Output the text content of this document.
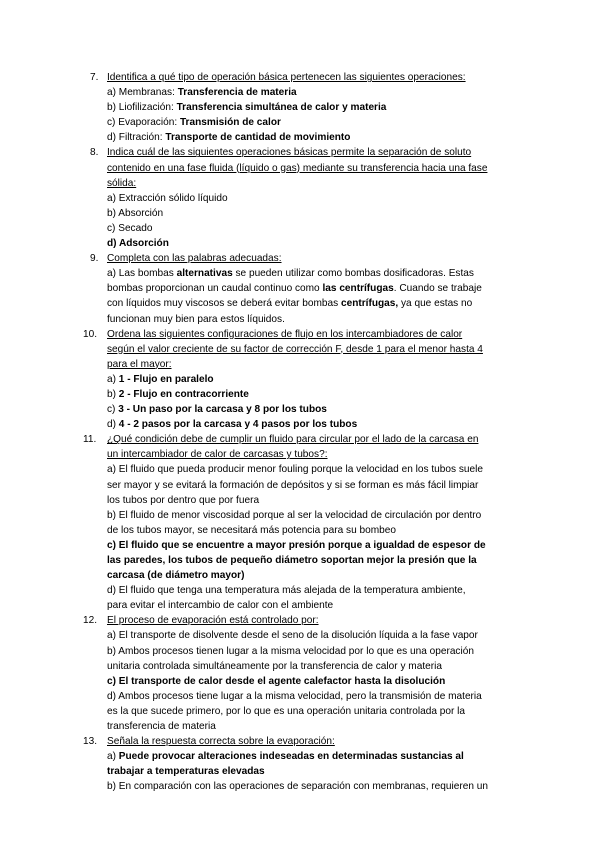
7. Identifica a qué tipo de operación básica pertenecen las siguientes operaciones:
a) Membranas: Transferencia de materia
b) Liofilización: Transferencia simultánea de calor y materia
c) Evaporación: Transmisión de calor
d) Filtración: Transporte de cantidad de movimiento
8. Indica cuál de las siguientes operaciones básicas permite la separación de soluto
contenido en una fase fluida (líquido o gas) mediante su transferencia hacia una fase
sólida:
a) Extracción sólido líquido
b) Absorción
c) Secado
d) Adsorción
9. Completa con las palabras adecuadas:
a) Las bombas alternativas se pueden utilizar como bombas dosificadoras. Estas
bombas proporcionan un caudal continuo como las centrífugas. Cuando se trabaje
con líquidos muy viscosos se deberá evitar bombas centrífugas, ya que estas no
funcionan muy bien para estos líquidos.
10. Ordena las siguientes configuraciones de flujo en los intercambiadores de calor
según el valor creciente de su factor de corrección F, desde 1 para el menor hasta 4
para el mayor:
a) 1 - Flujo en paralelo
b) 2 - Flujo en contracorriente
c) 3 - Un paso por la carcasa y 8 por los tubos
d) 4 - 2 pasos por la carcasa y 4 pasos por los tubos
11. ¿Qué condición debe de cumplir un fluido para circular por el lado de la carcasa en
un intercambiador de calor de carcasas y tubos?:
a) El fluido que pueda producir menor fouling porque la velocidad en los tubos suele
ser mayor y se evitará la formación de depósitos y si se forman es más fácil limpiar
los tubos por dentro que por fuera
b) El fluido de menor viscosidad porque al ser la velocidad de circulación por dentro
de los tubos mayor, se necesitará más potencia para su bombeo
c) El fluido que se encuentre a mayor presión porque a igualdad de espesor de
las paredes, los tubos de pequeño diámetro soportan mejor la presión que la
carcasa (de diámetro mayor)
d) El fluido que tenga una temperatura más alejada de la temperatura ambiente,
para evitar el intercambio de calor con el ambiente
12. El proceso de evaporación está controlado por:
a) El transporte de disolvente desde el seno de la disolución líquida a la fase vapor
b) Ambos procesos tienen lugar a la misma velocidad por lo que es una operación
unitaria controlada simultáneamente por la transferencia de calor y materia
c) El transporte de calor desde el agente calefactor hasta la disolución
d) Ambos procesos tiene lugar a la misma velocidad, pero la transmisión de materia
es la que sucede primero, por lo que es una operación unitaria controlada por la
transferencia de materia
13. Señala la respuesta correcta sobre la evaporación:
a) Puede provocar alteraciones indeseadas en determinadas sustancias al
trabajar a temperaturas elevadas
b) En comparación con las operaciones de separación con membranas, requieren un
